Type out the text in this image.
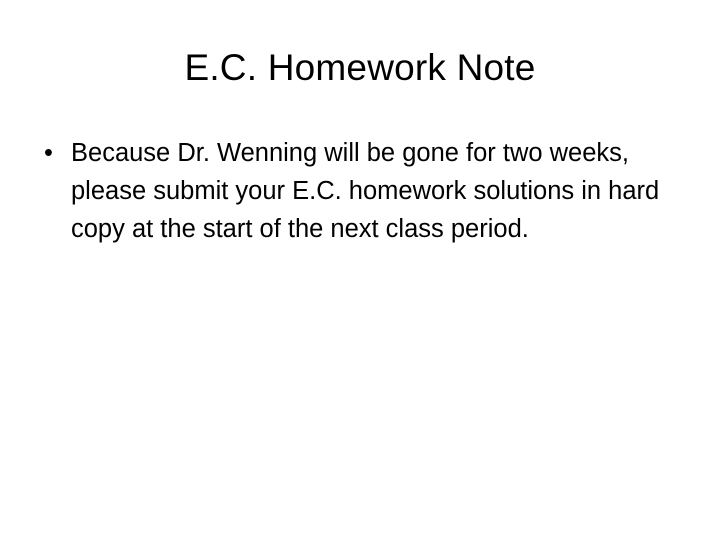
E.C. Homework Note
• Because Dr. Wenning will be gone for two weeks, please submit your E.C. homework solutions in hard copy at the start of the next class period.
